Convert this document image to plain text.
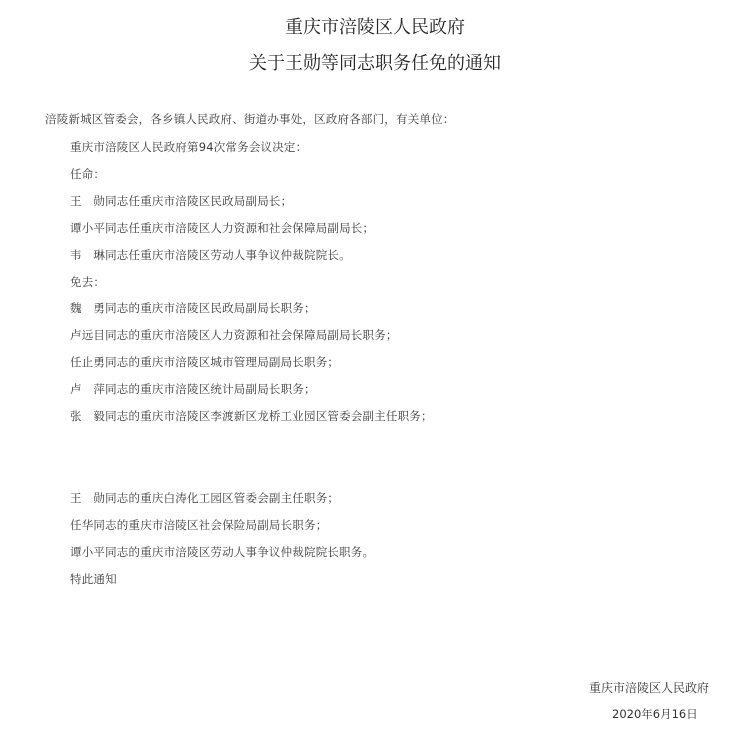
重庆市涪陵区人民政府
关于王勋等同志职务任免的通知
涪陵新城区管委会，各乡镇人民政府、街道办事处，区政府各部门，有关单位：
重庆市涪陵区人民政府第94次常务会议决定：
任命：
王　勋同志任重庆市涪陵区民政局副局长；
谭小平同志任重庆市涪陵区人力资源和社会保障局副局长；
韦　琳同志任重庆市涪陵区劳动人事争议仲裁院院长。
免去：
魏　勇同志的重庆市涪陵区民政局副局长职务；
卢远目同志的重庆市涪陵区人力资源和社会保障局副局长职务；
任止勇同志的重庆市涪陵区城市管理局副局长职务；
卢　萍同志的重庆市涪陵区统计局副局长职务；
张　毅同志的重庆市涪陵区李渡新区龙桥工业园区管委会副主任职务；
王　勋同志的重庆白涛化工园区管委会副主任职务；
任华同志的重庆市涪陵区社会保险局副局长职务；
谭小平同志的重庆市涪陵区劳动人事争议仲裁院院长职务。
特此通知
重庆市涪陵区人民政府
2020年6月16日
